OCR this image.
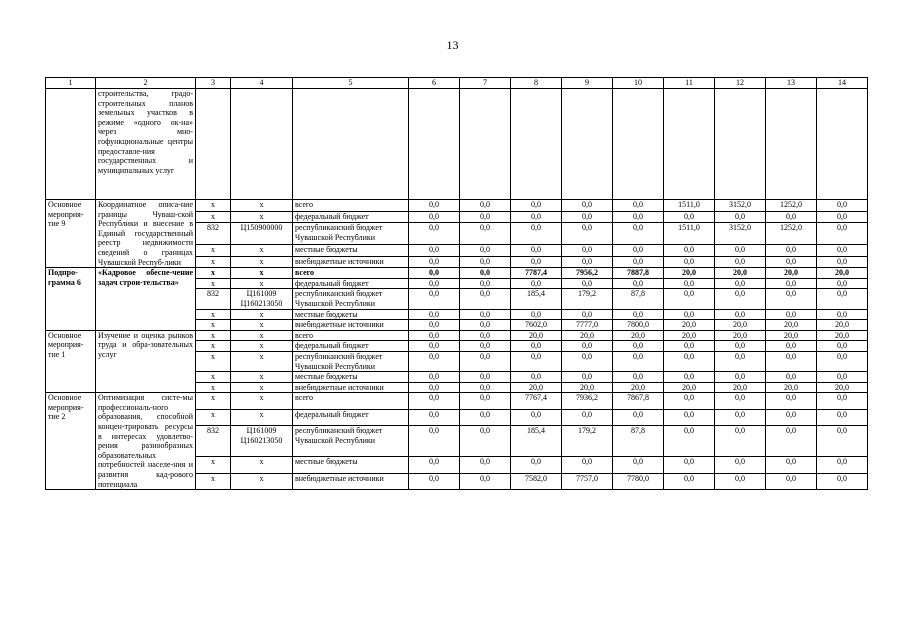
13
1	2	3	4	5	6	7	8	9	10	11	12	13	14
	строительства, градо-строительных планов земельных участков в режиме «одного ок-на» через мно-гофункциональные центры предоставле-ния государственных и муниципальных услуг												
Основное мероприя-тие 9	Координатное описа-ние границы Чуваш-ской Республики и внесение в Единый государственный реестр недвижимости сведений о границах Чувашской Респуб-лики	x	x	всего	0,0	0,0	0,0	0,0	0,0	1511,0	3152,0	1252,0	0,0
		x	x	федеральный бюджет	0,0	0,0	0,0	0,0	0,0	0,0	0,0	0,0	0,0
		832	Ц150900000	республиканский бюджет Чувашской Республики	0,0	0,0	0,0	0,0	0,0	1511,0	3152,0	1252,0	0,0
		x	x	местные бюджеты	0,0	0,0	0,0	0,0	0,0	0,0	0,0	0,0	0,0
		x	x	внебюджетные источники	0,0	0,0	0,0	0,0	0,0	0,0	0,0	0,0	0,0
Подпро-грамма 6	«Кадровое обеспе-чение задач строи-тельства»	x	x	всего	0,0	0,0	7787,4	7956,2	7887,8	20,0	20,0	20,0	20,0
		x	x	федеральный бюджет	0,0	0,0	0,0	0,0	0,0	0,0	0,0	0,0	0,0
		832	Ц161009 Ц160213050	республиканский бюджет Чувашской Республики	0,0	0,0	185,4	179,2	87,8	0,0	0,0	0,0	0,0
		x	x	местные бюджеты	0,0	0,0	0,0	0,0	0,0	0,0	0,0	0,0	0,0
		x	x	внебюджетные источники	0,0	0,0	7602,0	7777,0	7800,0	20,0	20,0	20,0	20,0
Основное мероприя-тие 1	Изучение и оценка рынков труда и обра-зовательных услуг	x	x	всего	0,0	0,0	20,0	20,0	20,0	20,0	20,0	20,0	20,0
		x	x	федеральный бюджет	0,0	0,0	0,0	0,0	0,0	0,0	0,0	0,0	0,0
		x	x	республиканский бюджет Чувашской Республики	0,0	0,0	0,0	0,0	0,0	0,0	0,0	0,0	0,0
		x	x	местные бюджеты	0,0	0,0	0,0	0,0	0,0	0,0	0,0	0,0	0,0
		x	x	внебюджетные источники	0,0	0,0	20,0	20,0	20,0	20,0	20,0	20,0	20,0
Основное мероприя-тие 2	Оптимизация систе-мы профессиональ-ного образования, способной концен-трировать ресурсы в интересах удовлетво-рения разнообразных образовательных потребностей населе-ния и развития кад-рового потенциала	x	x	всего	0,0	0,0	7767,4	7936,2	7867,8	0,0	0,0	0,0	0,0
		x	x	федеральный бюджет	0,0	0,0	0,0	0,0	0,0	0,0	0,0	0,0	0,0
		832	Ц161009 Ц160213050	республиканский бюджет Чувашской Республики	0,0	0,0	185,4	179,2	87,8	0,0	0,0	0,0	0,0
		x	x	местные бюджеты	0,0	0,0	0,0	0,0	0,0	0,0	0,0	0,0	0,0
		x	x	внебюджетные источники	0,0	0,0	7582,0	7757,0	7780,0	0,0	0,0	0,0	0,0
